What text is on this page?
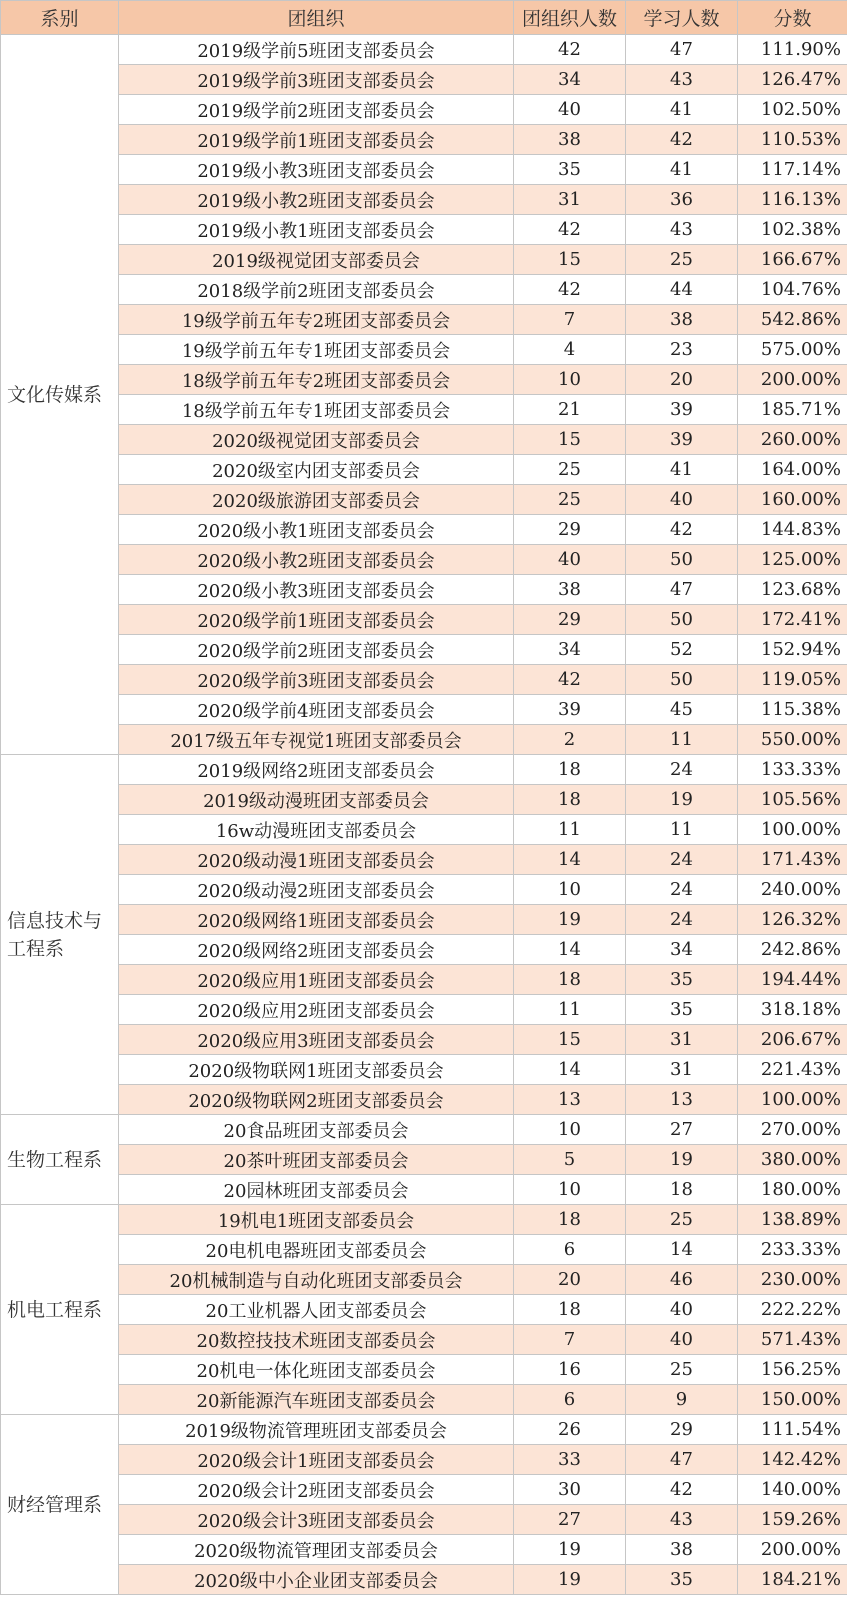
系别	团组织	团组织人数	学习人数	分数
文化传媒系	2019级学前5班团支部委员会	42	47	111.90%
	2019级学前3班团支部委员会	34	43	126.47%
	2019级学前2班团支部委员会	40	41	102.50%
	2019级学前1班团支部委员会	38	42	110.53%
	2019级小教3班团支部委员会	35	41	117.14%
	2019级小教2班团支部委员会	31	36	116.13%
	2019级小教1班团支部委员会	42	43	102.38%
	2019级视觉团支部委员会	15	25	166.67%
	2018级学前2班团支部委员会	42	44	104.76%
	19级学前五年专2班团支部委员会	7	38	542.86%
	19级学前五年专1班团支部委员会	4	23	575.00%
	18级学前五年专2班团支部委员会	10	20	200.00%
	18级学前五年专1班团支部委员会	21	39	185.71%
	2020级视觉团支部委员会	15	39	260.00%
	2020级室内团支部委员会	25	41	164.00%
	2020级旅游团支部委员会	25	40	160.00%
	2020级小教1班团支部委员会	29	42	144.83%
	2020级小教2班团支部委员会	40	50	125.00%
	2020级小教3班团支部委员会	38	47	123.68%
	2020级学前1班团支部委员会	29	50	172.41%
	2020级学前2班团支部委员会	34	52	152.94%
	2020级学前3班团支部委员会	42	50	119.05%
	2020级学前4班团支部委员会	39	45	115.38%
	2017级五年专视觉1班团支部委员会	2	11	550.00%
信息技术与工程系	2019级网络2班团支部委员会	18	24	133.33%
	2019级动漫班团支部委员会	18	19	105.56%
	16w动漫班团支部委员会	11	11	100.00%
	2020级动漫1班团支部委员会	14	24	171.43%
	2020级动漫2班团支部委员会	10	24	240.00%
	2020级网络1班团支部委员会	19	24	126.32%
	2020级网络2班团支部委员会	14	34	242.86%
	2020级应用1班团支部委员会	18	35	194.44%
	2020级应用2班团支部委员会	11	35	318.18%
	2020级应用3班团支部委员会	15	31	206.67%
	2020级物联网1班团支部委员会	14	31	221.43%
	2020级物联网2班团支部委员会	13	13	100.00%
生物工程系	20食品班团支部委员会	10	27	270.00%
	20茶叶班团支部委员会	5	19	380.00%
	20园林班团支部委员会	10	18	180.00%
机电工程系	19机电1班团支部委员会	18	25	138.89%
	20电机电器班团支部委员会	6	14	233.33%
	20机械制造与自动化班团支部委员会	20	46	230.00%
	20工业机器人团支部委员会	18	40	222.22%
	20数控技技术班团支部委员会	7	40	571.43%
	20机电一体化班团支部委员会	16	25	156.25%
	20新能源汽车班团支部委员会	6	9	150.00%
财经管理系	2019级物流管理班团支部委员会	26	29	111.54%
	2020级会计1班团支部委员会	33	47	142.42%
	2020级会计2班团支部委员会	30	42	140.00%
	2020级会计3班团支部委员会	27	43	159.26%
	2020级物流管理团支部委员会	19	38	200.00%
	2020级中小企业团支部委员会	19	35	184.21%
